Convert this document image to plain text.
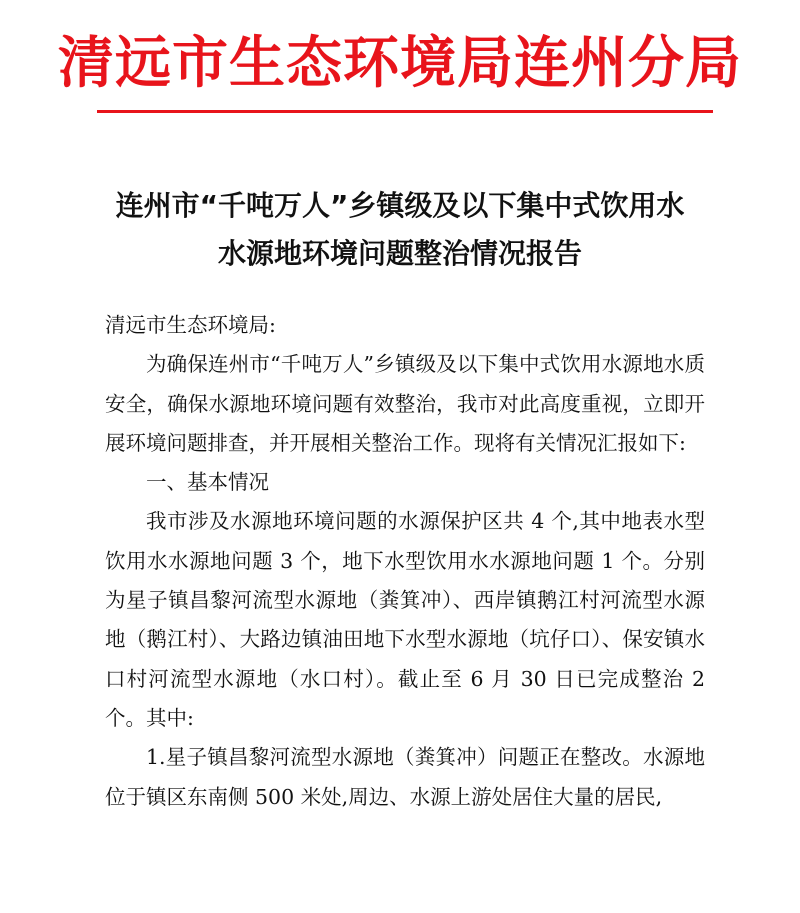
清远市生态环境局连州分局
连州市“千吨万人”乡镇级及以下集中式饮用水
水源地环境问题整治情况报告

清远市生态环境局:

为确保连州市“千吨万人”乡镇级及以下集中式饮用水源地水质安全，确保水源地环境问题有效整治，我市对此高度重视，立即开展环境问题排查，并开展相关整治工作。现将有关情况汇报如下:

一、基本情况

我市涉及水源地环境问题的水源保护区共 4 个,其中地表水型饮用水水源地问题 3 个，地下水型饮用水水源地问题 1 个。分别为星子镇昌黎河流型水源地（粪箕冲）、西岸镇鹅江村河流型水源地（鹅江村）、大路边镇油田地下水型水源地（坑仔口）、保安镇水口村河流型水源地（水口村）。截止至 6 月 30 日已完成整治 2 个。其中:

1.星子镇昌黎河流型水源地（粪箕冲）问题正在整改。水源地位于镇区东南侧 500 米处,周边、水源上游处居住大量的居民,
